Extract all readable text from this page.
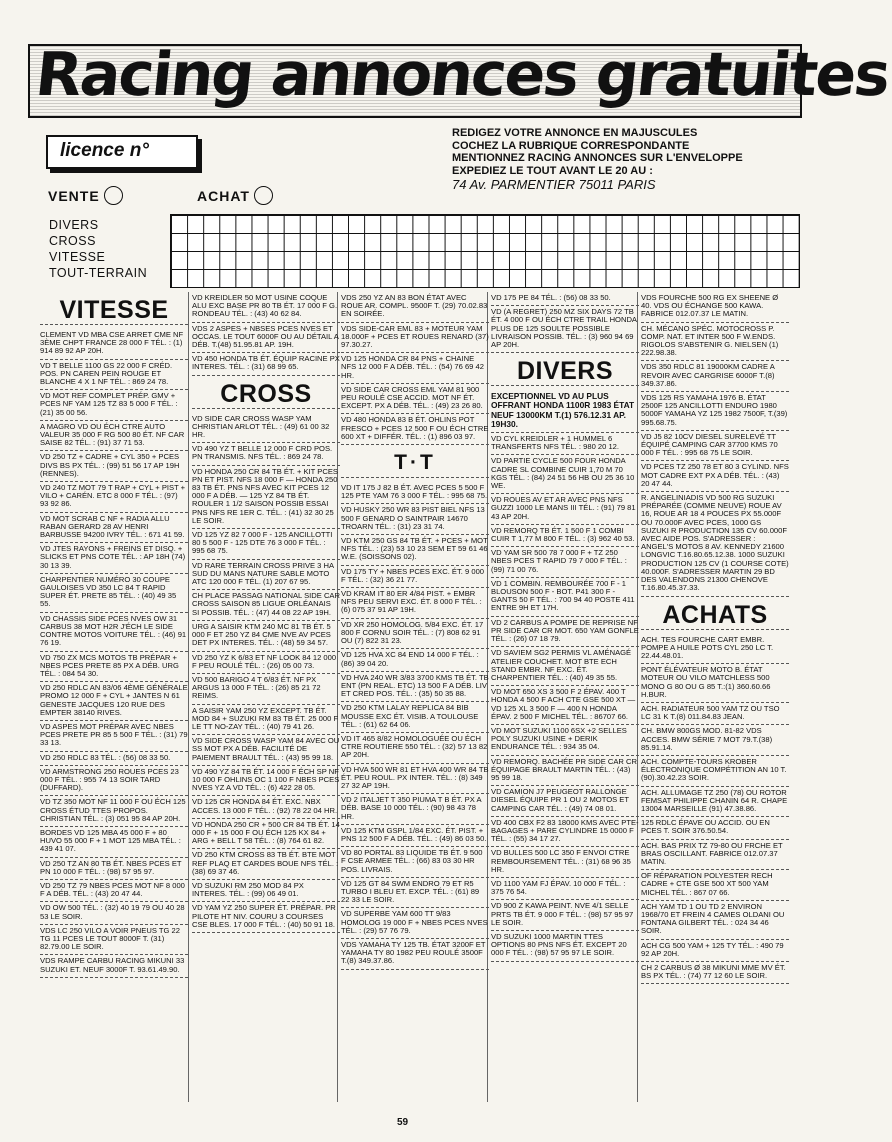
Racing annonces gratuites
licence n°
REDIGEZ VOTRE ANNONCE EN MAJUSCULES
COCHEZ LA RUBRIQUE CORRESPONDANTE
MENTIONNEZ RACING ANNONCES SUR L'ENVELOPPE
EXPEDIEZ LE TOUT AVANT LE 20 AU :
74 Av. PARMENTIER 75011 PARIS
VENTE	ACHAT
DIVERS
CROSS
VITESSE
TOUT-TERRAIN
VITESSE
CLEMENT VD MBA CSE ARRET CME NF 3ÈME CHPT FRANCE 28 000 F TÉL. : (1) 914 89 92 AP 20H.
VD T BELLE 1100 GS 22 000 F CRÉD. POS. PN CAREN PEIN ROUGE ET BLANCHE 4 X 1 NF TÉL. : 869 24 78.
VD MOT REF COMPLET PRÉP. GMV + PCES NF YAM 125 TZ 83 5 000 F TÉL. : (21) 35 00 56.
A MAGRO VD OU ÉCH CTRE AUTO VALEUR 35 000 F RG 500 80 ÉT. NF CAR SAISE 82 TÉL. : (91) 37 71 53.
VD 250 TZ + CADRE + CYL 350 + PCES DIVS BS PX TÉL. : (99) 51 56 17 AP 19H (RENNES).
VD 240 TZ MOT 79 T RAP + CYL + PIST + VILO + CARÉN. ETC 8 000 F TÉL. : (97) 93 92 86.
VD MOT SCRAB C NF + RADIA ALLU RABAN GERARD 28 AV HENRI BARBUSSE 94200 IVRY TÉL. : 671 41 59.
VD JTES RAYONS + FREINS ET DISQ. + SLICKS ET PNS COTE TÉL. : AP 18H (74) 30 13 39.
CHARPENTIER NUMÉRO 30 COUPE GAULOISES VD 350 LC 84 T RAPID SUPER ÉT. PRETE 85 TÉL. : (40) 49 35 55.
VD CHASSIS SIDE PCES NVES OW 31 CARBUS 38 MOT H2R J'ÉCH LE SIDE CONTRE MOTOS VOITURE TÉL. : (46) 91 76 19.
VD 750 ZX MCS MOTOS TB PRÉPAR + NBES PCES PRETE 85 PX A DÉB. URG TÉL. : 084 54 30.
VD 250 RDLC AN 83/06 4ÈME GÉNÉRALE PROMO 12 000 F + CYL + JANTES N 61 GENESTE JACQUES 120 RUE DES EMPTER 38140 RIVES.
VD ASPES MOT PRÉPAR AVEC NBES PCES PRETE PR 85 5 500 F TÉL. : (31) 79 33 13.
VD 250 RDLC 83 TÉL. : (56) 08 33 50.
VD ARMSTRONG 250 ROUES PCES 23 000 F TÉL. : 955 74 13 SOIR TARD (DUFFARD).
VD TZ 350 MOT NF 11 000 F OU ÉCH 125 CROSS ÉTUD TTES PROPOS. CHRISTIAN TÉL. : (3) 051 95 84 AP 20H.
BORDES VD 125 MBA 45 000 F + 80 HUVO 55 000 F + 1 MOT 125 MBA TÉL. : 439 41 07.
VD 250 TZ AN 80 TB ÉT. NBES PCES ET PN 10 000 F TÉL. : (98) 57 95 97.
VD 250 TZ 79 NBES PCES MOT NF 8 000 F A DÉB. TÉL. : (43) 20 47 44.
VD OW 500 TÉL. : (32) 40 19 79 OU 40 28 53 LE SOIR.
VDS LC 250 VILO A VOIR PNEUS TG 22 TG 11 PCES LE TOUT 8000F T. (31) 82.79.00 LE SOIR.
VDS RAMPE CARBU RACING MIKUNI 33 SUZUKI ET. NEUF 3000F T. 93.61.49.90.
VD KREIDLER 50 MOT USINE COQUE ALU EXC BASE PR 80 TB ÉT. 17 000 F G. RONDEAU TÉL. : (43) 40 62 84.
VDS 2 ASPES + NBSES PCES NVES ET OCCAS. LE TOUT 6000F OU AU DÉTAIL A DÉB. T.(48) 51.95.81 AP. 19H.
VD 450 HONDA TB ÉT. ÉQUIP RACINE PX INTERES. TÉL. : (31) 68 99 65.
CROSS
VD SIDE CAR CROSS WASP YAM CHRISTIAN ARLOT TÉL. : (49) 61 00 32 HR.
VD 490 YZ T BELLE 12 000 F CRD POS. PN TRANSMIS. NFS TÉL. : 869 24 78.
VD HONDA 250 CR 84 TB ÉT. + KIT PCES PN ET PIST. NFS 18 000 F — HONDA 250 83 TB ÉT. PNS NFS AVEC KIT PCES 12 000 F A DÉB. — 125 YZ 84 TB ÉT. ROULER 1 1/2 SAISON POSSIB ESSAI PNS NFS RE 1ER C. TÉL. : (41) 32 30 25 LE SOIR.
VD 125 YZ 82 7 000 F - 125 ANCILLOTTI 80 5 500 F - 125 DTE 76 3 000 F TÉL. : 995 68 75.
VD RARE TERRAIN CROSS PRIVE 3 HA SUD DU MANS NATURE SABLE MOTO ATC 120 000 F TÉL. (1) 207 67 95.
CH PLACE PASSAG NATIONAL SIDE CAR CROSS SAISON 85 LIGUE ORLÉANAIS SI POSSIB. TÉL. : (47) 44 08 22 AP 19H.
URG A SAISIR KTM 240 MC 81 TB ÉT. 5 000 F ET 250 YZ 84 CME NVE AV PCES DET PX INTERES. TÉL. : (48) 59 34 57.
VD 250 YZ K 6/83 ET NF LOOK 84 12 000 F PEU ROULÉ TÉL. : (26) 05 00 73.
VD 500 BARIGO 4 T 6/83 ÉT. NF PX ARGUS 13 000 F TÉL. : (26) 85 21 72 REIMS.
A SAISIR YAM 250 YZ EXCEPT. TB ÉT. MOD 84 + SUZUKI RM 83 TB ÉT. 25 000 F LE TT NO-ZAY TÉL. : (40) 79 41 26.
VD SIDE CROSS WASP YAM 84 AVEC OU SS MOT PX A DÉB. FACILITÉ DE PAIEMENT BRAULT TÉL. : (43) 95 99 18.
VD 490 YZ 84 TB ÉT. 14 000 F ÉCH SP NF 10 000 F OHLINS OC 1 100 F NBES PCES NVES YZ A VD TÉL. : (6) 422 28 05.
VD 125 CR HONDA 84 ÉT. EXC. NBX ACCES. 13 000 F TÉL. : (92) 78 22 04 HR.
VD HONDA 250 CR + 500 CR 84 TB ÉT. 14 000 F + 15 000 F OU ÉCH 125 KX 84 + ARG + BELL T 58 TÉL. : (8) 764 61 82.
VD 250 KTM CROSS 83 TB ÉT. BTE MOT REF PLAQ ET CARDES BOUE NFS TÉL. : (38) 69 37 46.
VD SUZUKI RM 250 MOD 84 PX INTERES. TÉL. : (99) 06 49 01.
VD YAM YZ 250 SUPER ÉT. PRÉPAR. PR PILOTE HT NIV. COURU 3 COURSES CSE BLES. 17 000 F TÉL. : (40) 50 91 18.
VDS 250 YZ AN 83 BON ÉTAT AVEC ROUE AR. COMPL. 9500F T. (29) 70.02.83 EN SOIRÉE.
VDS SIDE-CAR EML 83 + MOTEUR YAM 18.000F + PCES ET ROUES RENARD (37) 97.30.27.
VD 125 HONDA CR 84 PNS + CHAINE NFS 12 000 F A DÉB. TÉL. : (54) 76 69 42 HR.
VD SIDE CAR CROSS EML YAM 81 900 PEU ROULÉ CSE ACCID. MOT NF ÉT. EXCEPT. PX A DÉB. TÉL. : (49) 23 26 80.
VD 480 HONDA 83 B ÉT. OHLINS POT FRESCO + PCES 12 500 F OU ÉCH CTRE 600 XT + DIFFÉR. TÉL. : (1) 896 03 97.
T·T
VD IT 175 J 82 B ÉT. AVEC PCES 5 500 F 125 PTE YAM 76 3 000 F TÉL. : 995 68 75.
VD HUSKY 250 WR 83 PIST BIEL NFS 13 500 F GENARD O SAINTPAIR 14670 TROARN TÉL. : (31) 23 31 74.
VD KTM 250 GS 84 TB ÉT. + PCES + MOT NFS TÉL. : (23) 53 10 23 SEM ET 59 61 46 W.E. (SOISSONS 02).
VD 175 TY + NBES PCES EXC. ÉT. 9 000 F TÉL. : (32) 36 21 77.
VD KRAM IT 80 ER 4/84 PIST. + EMBR NFS PEU SERVI EXC. ÉT. 8 000 F TÉL. : (6) 075 37 91 AP 19H.
VD XR 250 HOMOLOG. 5/84 EXC. ÉT. 17 800 F CORNU SOIR TÉL. : (7) 808 62 91 OU (7) 822 31 23.
VD 125 HVA XC 84 END 14 000 F TÉL. : (86) 39 04 20.
VD HVA 240 WR 3/83 3700 KMS TB ÉT. TB ENT (PN REAL. ETC) 13 500 F A DÉB. LIV ET CRED POS. TÉL. : (35) 50 35 88.
VD 250 KTM LALAY REPLICA 84 BIB MOUSSE EXC ÉT. VISIB. A TOULOUSE TÉL. : (61) 62 64 06.
VD IT 465 8/82 HOMOLOGUÉE OU ÉCH CTRE ROUTIERE 550 TÉL. : (32) 57 13 82 AP 20H.
VD HVA 500 WR 81 ET HVA 400 WR 84 TB ÉT. PEU ROUL. PX INTER. TÉL. : (8) 349 27 32 AP 19H.
VD 2 ITALJET T 350 PIUMA T B ÉT. PX A DÉB. BASE 10 000 TÉL. : (90) 98 43 78 HR.
VD 125 KTM GSPL 1/84 EXC. ÉT. PIST. + PNS 12 500 F A DÉB. TÉL. : (49) 86 03 50.
VD 80 PORTAL 83 LIQUIDE TB ÉT. 9 500 F CSE ARMEE TÉL. : (66) 83 03 30 HR POS. LIVRAIS.
VD 125 GT 84 SWM ENDRO 79 ET R5 TURBO I BLEU ET. EXCP. TÉL. : (61) 89 22 33 LE SOIR.
VD SUPERBE YAM 600 TT 9/83 HOMOLOG 19 000 F + NBES PCES NVES TÉL. : (29) 57 76 79.
VDS YAMAHA TY 125 TB. ÉTAT 3200F ET YAMAHA TY 80 1982 PEU ROULÉ 3500F T.(8) 349.37.86.
VD 175 PE 84 TÉL. : (56) 08 33 50.
VD (A REGRET) 250 MZ SIX DAYS 72 TB ÉT. 4 000 F OU ÉCH CTRE TRAIL HONDA PLUS DE 125 SOULTE POSSIBLE LIVRAISON POSSIB. TÉL. : (3) 960 94 69 AP 20H.
DIVERS
EXCEPTIONNEL VD AU PLUS OFFRANT HONDA 1100R 1983 ÉTAT NEUF 13000KM T.(1) 576.12.31 AP. 19H30.
VD CYL KREIDLER + 1 HUMMEL 6 TRANSFERTS NFS TÉL. : 980 20 12.
VD PARTIE CYCLE 500 FOUR HONDA CADRE SL COMBINE CUIR 1,70 M 70 KGS TÉL. : (84) 24 51 56 HB OU 25 36 10 WE.
VD ROUES AV ET AR AVEC PNS NFS GUZZI 1000 LE MANS III TÉL. : (91) 79 81 43 AP 20H.
VD REMORQ TB ÉT. 1 500 F 1 COMBI CUIR T 1,77 M 800 F TÉL. : (3) 962 40 53.
VD YAM SR 500 78 7 000 F + TZ 250 NBES PCES T RAPID 79 7 000 F TÉL. : (99) 71 00 76.
VD 1 COMBIN. REMBOURÉE 700 F - 1 BLOUSON 500 F - BOT. P41 300 F - GANTS 50 F TÉL. : 700 94 40 POSTE 411 ENTRE 9H ET 17H.
VD 2 CARBUS A POMPE DE REPRISE NF PR SIDE CAR CR MOT. 650 YAM GONFLE TÉL. : (26) 07 18 79.
VD SAVIEM SG2 PERMIS VL AMÉNAGÉ ATELIER COUCHET. MOT BTE ECH STAND EMBR. NF EXC. ÉT. CHARPENTIER TÉL. : (40) 49 35 55.
VD MOT 650 XS 3 500 F 2 ÉPAV. 400 T HONDA 4 500 F ACH CTE GSE 500 XT — VD 125 XL 3 500 F — 400 N HONDA ÉPAV. 2 500 F MICHEL TÉL. : 86707 66.
VD MOT SUZUKI 1100 6SX +2 SELLES POLY SUZUKI USINE + DERIK ENDURANCE TÉL. : 934 35 04.
VD REMORQ. BACHÉE PR SIDE CAR CR ÉQUIPAGE BRAULT MARTIN TÉL. : (43) 95 99 18.
VD CAMION J7 PEUGEOT RALLONGE DIESEL ÉQUIPE PR 1 OU 2 MOTOS ET CAMPING CAR TÉL. : (49) 74 08 01.
VD 400 CBX F2 83 18000 KMS AVEC PTE-BAGAGES + PARE CYLINDRE 15 0000 F TÉL. : (55) 34 17 27.
VD BULLES 500 LC 350 F ENVOI CTRE REMBOURSEMENT TÉL. : (31) 68 96 35 HR.
VD 1100 YAM FJ ÉPAV. 10 000 F TÉL. : 375 76 54.
VD 900 Z KAWA PEINT. NVE 4/1 SELLE PRTS TB ÉT. 9 000 F TÉL. : (98) 57 95 97 LE SOIR.
VD SUZUKI 1000 MARTIN TTES OPTIONS 80 PNS NFS ÉT. EXCEPT 20 000 F TÉL. : (98) 57 95 97 LE SOIR.
VDS FOURCHE 500 RG EX SHEENE Ø 40. VDS OU ÉCHANGE 500 KAWA. FABRICE 012.07.37 LE MATIN.
CH. MÉCANO SPÉC. MOTOCROSS P. COMP. NAT. ET INTER 500 F W.ENDS. RIGOLOS S'ABSTENIR G. NIELSEN (1) 222.98.38.
VDS 350 RDLC 81 19000KM CADRE A REVOIR AVEC CARGRISE 6000F T.(8) 349.37.86.
VDS 125 RS YAMAHA 1976 B. ÉTAT 2500F 125 ANCILLOTTI ENDURO 1980 5000F YAMAHA YZ 125 1982 7500F, T.(39) 995.68.75.
VD J5 82 10CV DIESEL SURELEVÉ TT ÉQUIPÉ CAMPING CAR 37700 KMS 70 000 F TÉL. : 995 68 75 LE SOIR.
VD PCES TZ 250 78 ET 80 3 CYLIND. NFS MOT CADRE EXT PX A DÉB. TÉL. : (43) 20 47 44.
R. ANGELINIADIS VD 500 RG SUZUKI PRÉPARÉE (COMME NEUVE) ROUE AV 16, ROUE AR 18 4 POUCES PX 55.000F OU 70.000F AVEC PCES, 1000 GS SUZUKI R PRODUCTION 135 CV 60.000F AVEC AIDE POS. S'ADRESSER : ANGEL'S MOTOS 8 AV. KENNEDY 21600 LONGVIC T.16.80.65.12.38. 1000 SUZUKI PRODUCTION 125 CV (1 COURSE COTE) 40.000F. S'ADRESSER MARTIN 29 BD DES VALENDONS 21300 CHENOVE T.16.80.45.37.33.
ACHATS
ACH. TES FOURCHE CART EMBR. POMPE A HUILE POTS CYL 250 LC T. 22.44.48.01.
PONT ÉLÉVATEUR MOTO B. ÉTAT MOTEUR OU VILO MATCHLESS 500 MONO G 80 OU G 85 T.:(1) 360.60.66 H.BUR.
ACH. RADIATEUR 500 YAM TZ OU TSO LC 31 K T.(8) 011.84.83 JEAN.
CH. BMW 800GS MOD. 81-82 VDS ACCES. BMW SÉRIE 7 MOT 79.T.(38) 85.91.14.
ACH. COMPTE-TOURS KROBER ÉLECTRONIQUE COMPÉTITION AN 10 T.(90).30.42.23 SOIR.
ACH. ALLUMAGE TZ 250 (78) OU ROTOR FEMSAT PHILIPPE CHANIN 64 R. CHAPE 13004 MARSEILLE (91) 47.38.86.
125 RDLC ÉPAVE OU ACCID. OU EN PCES T. SOIR 376.50.54.
ACH. BAS PRIX TZ 79-80 OU FRCHE ET BRAS OSCILLANT. FABRICE 012.07.37 MATIN.
OF RÉPARATION POLYESTER RECH CADRE + CTE GSE 500 XT 500 YAM MICHEL TÉL. : 867 07 66.
ACH YAM TD 1 OU TD 2 ENVIRON 1968/70 ET FREIN 4 CAMES OLDANI OU FONTANA GILBERT TÉL. : 024 34 46 SOIR.
ACH CG 500 YAM + 125 TY TÉL. : 490 79 92 AP 20H.
CH 2 CARBUS Ø 38 MIKUNI MME MV ÉT. BS PX TÉL. : (74) 77 12 60 LE SOIR.
59
